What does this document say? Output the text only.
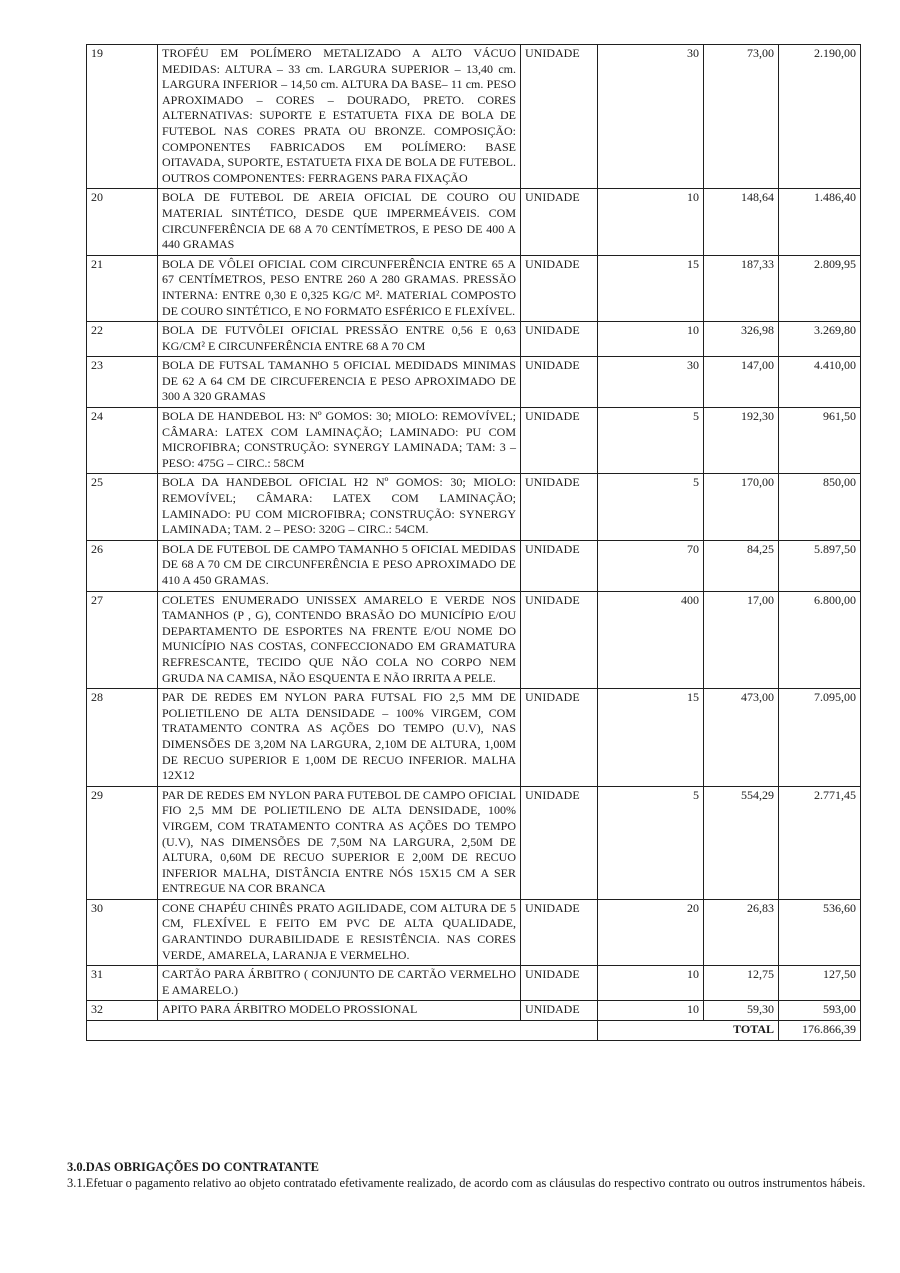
19	TROFÉU EM POLÍMERO METALIZADO A ALTO VÁCUO MEDIDAS: ALTURA – 33 cm. LARGURA SUPERIOR – 13,40 cm. LARGURA INFERIOR – 14,50 cm. ALTURA DA BASE– 11 cm. PESO APROXIMADO – CORES – DOURADO, PRETO. CORES ALTERNATIVAS: SUPORTE E ESTATUETA FIXA DE BOLA DE FUTEBOL NAS CORES PRATA OU BRONZE. COMPOSIÇÃO: COMPONENTES FABRICADOS EM POLÍMERO: BASE OITAVADA, SUPORTE, ESTATUETA FIXA DE BOLA DE FUTEBOL. OUTROS COMPONENTES: FERRAGENS PARA FIXAÇÃO	UNIDADE	30	73,00	2.190,00
20	BOLA DE FUTEBOL DE AREIA OFICIAL DE COURO OU MATERIAL SINTÉTICO, DESDE QUE IMPERMEÁVEIS. COM CIRCUNFERÊNCIA DE 68 A 70 CENTÍMETROS, E PESO DE 400 A 440 GRAMAS	UNIDADE	10	148,64	1.486,40
21	BOLA DE VÔLEI OFICIAL COM CIRCUNFERÊNCIA ENTRE 65 A 67 CENTÍMETROS, PESO ENTRE 260 A 280 GRAMAS. PRESSÃO INTERNA: ENTRE 0,30 E 0,325 KG/C M². MATERIAL COMPOSTO DE COURO SINTÉTICO, E NO FORMATO ESFÉRICO E FLEXÍVEL.	UNIDADE	15	187,33	2.809,95
22	BOLA DE FUTVÔLEI OFICIAL PRESSÃO ENTRE 0,56 E 0,63 KG/CM² E CIRCUNFERÊNCIA ENTRE 68 A 70 CM	UNIDADE	10	326,98	3.269,80
23	BOLA DE FUTSAL TAMANHO 5 OFICIAL MEDIDADS MINIMAS DE 62 A 64 CM DE CIRCUFERENCIA E PESO APROXIMADO DE 300 A 320 GRAMAS	UNIDADE	30	147,00	4.410,00
24	BOLA DE HANDEBOL H3: Nº GOMOS: 30; MIOLO: REMOVÍVEL; CÂMARA: LATEX COM LAMINAÇÃO; LAMINADO: PU COM MICROFIBRA; CONSTRUÇÃO: SYNERGY LAMINADA; TAM: 3 – PESO: 475G – CIRC.: 58CM	UNIDADE	5	192,30	961,50
25	BOLA DA HANDEBOL OFICIAL H2 Nº GOMOS: 30; MIOLO: REMOVÍVEL; CÂMARA: LATEX COM LAMINAÇÃO; LAMINADO: PU COM MICROFIBRA; CONSTRUÇÃO: SYNERGY LAMINADA; TAM. 2 – PESO: 320G – CIRC.: 54CM.	UNIDADE	5	170,00	850,00
26	BOLA DE FUTEBOL DE CAMPO TAMANHO 5 OFICIAL MEDIDAS DE 68 A 70 CM DE CIRCUNFERÊNCIA E PESO APROXIMADO DE 410 A 450 GRAMAS.	UNIDADE	70	84,25	5.897,50
27	COLETES ENUMERADO UNISSEX AMARELO E VERDE NOS TAMANHOS (P , G), CONTENDO BRASÃO DO MUNICÍPIO E/OU DEPARTAMENTO DE ESPORTES NA FRENTE E/OU NOME DO MUNICÍPIO NAS COSTAS, CONFECCIONADO EM GRAMATURA REFRESCANTE, TECIDO QUE NÃO COLA NO CORPO NEM GRUDA NA CAMISA, NÃO ESQUENTA E NÃO IRRITA A PELE.	UNIDADE	400	17,00	6.800,00
28	PAR DE REDES EM NYLON PARA FUTSAL FIO 2,5 MM DE POLIETILENO DE ALTA DENSIDADE – 100% VIRGEM, COM TRATAMENTO CONTRA AS AÇÕES DO TEMPO (U.V), NAS DIMENSÕES DE 3,20M NA LARGURA, 2,10M DE ALTURA, 1,00M DE RECUO SUPERIOR E 1,00M DE RECUO INFERIOR. MALHA 12X12	UNIDADE	15	473,00	7.095,00
29	PAR DE REDES EM NYLON PARA FUTEBOL DE CAMPO OFICIAL FIO 2,5 MM DE POLIETILENO DE ALTA DENSIDADE, 100% VIRGEM, COM TRATAMENTO CONTRA AS AÇÕES DO TEMPO (U.V), NAS DIMENSÕES DE 7,50M NA LARGURA, 2,50M DE ALTURA, 0,60M DE RECUO SUPERIOR E 2,00M DE RECUO INFERIOR MALHA, DISTÂNCIA ENTRE NÓS 15X15 CM A SER ENTREGUE NA COR BRANCA	UNIDADE	5	554,29	2.771,45
30	CONE CHAPÉU CHINÊS PRATO AGILIDADE, COM ALTURA DE 5 CM, FLEXÍVEL E FEITO EM PVC DE ALTA QUALIDADE, GARANTINDO DURABILIDADE E RESISTÊNCIA. NAS CORES VERDE, AMARELA, LARANJA E VERMELHO.	UNIDADE	20	26,83	536,60
31	CARTÃO PARA ÁRBITRO ( CONJUNTO DE CARTÃO VERMELHO E AMARELO.)	UNIDADE	10	12,75	127,50
32	APITO PARA ÁRBITRO MODELO PROSSIONAL	UNIDADE	10	59,30	593,00
			TOTAL		176.866,39

3.0.DAS OBRIGAÇÕES DO CONTRATANTE

3.1.Efetuar o pagamento relativo ao objeto contratado efetivamente realizado, de acordo com as cláusulas do respectivo contrato ou outros instrumentos hábeis.
